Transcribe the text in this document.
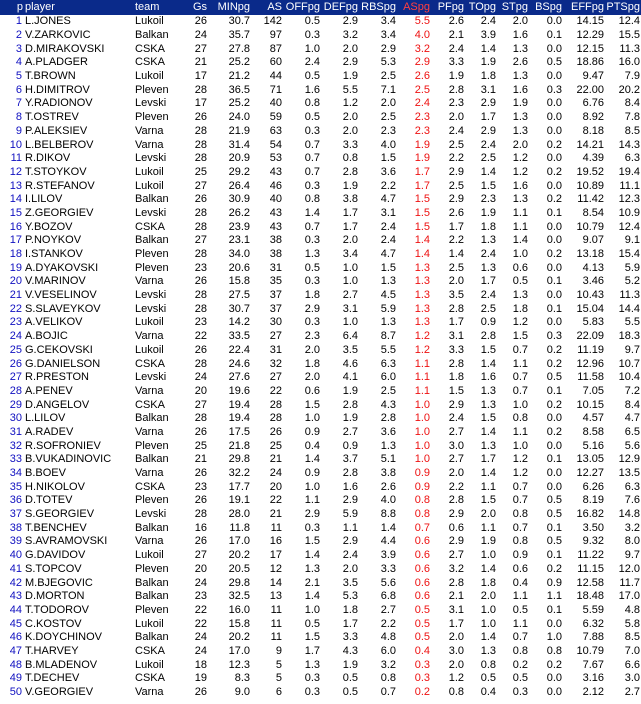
p	player	team	Gs	MINpg	AS	OFFpg	DEFpg	RBSpg	ASpg	PFpg	TOpg	STpg	BSpg	EFFpg	PTSpg
1	L.JONES	Lukoil	26	30.7	142	0.5	2.9	3.4	5.5	2.6	2.4	2.0	0.0	14.15	12.4
2	V.ZARKOVIC	Balkan	24	35.7	97	0.3	3.2	3.4	4.0	2.1	3.9	1.6	0.1	12.29	15.5
3	D.MIRAKOVSKI	CSKA	27	27.8	87	1.0	2.0	2.9	3.2	2.4	1.4	1.3	0.0	12.15	11.3
4	A.PLADGER	CSKA	21	25.2	60	2.4	2.9	5.3	2.9	3.3	1.9	2.6	0.5	18.86	16.0
5	T.BROWN	Lukoil	17	21.2	44	0.5	1.9	2.5	2.6	1.9	1.8	1.3	0.0	9.47	7.9
6	H.DIMITROV	Pleven	28	36.5	71	1.6	5.5	7.1	2.5	2.8	3.1	1.6	0.3	22.00	20.2
7	Y.RADIONOV	Levski	17	25.2	40	0.8	1.2	2.0	2.4	2.3	2.9	1.9	0.0	6.76	8.4
8	T.OSTREV	Pleven	26	24.0	59	0.5	2.0	2.5	2.3	2.0	1.7	1.3	0.0	8.92	7.8
9	P.ALEKSIEV	Varna	28	21.9	63	0.3	2.0	2.3	2.3	2.4	2.9	1.3	0.0	8.18	8.5
10	L.BELBEROV	Varna	28	31.4	54	0.7	3.3	4.0	1.9	2.5	2.4	2.0	0.2	14.21	14.3
11	R.DIKOV	Levski	28	20.9	53	0.7	0.8	1.5	1.9	2.2	2.5	1.2	0.0	4.39	6.3
12	T.STOYKOV	Lukoil	25	29.2	43	0.7	2.8	3.6	1.7	2.9	1.4	1.2	0.2	19.52	19.4
13	R.STEFANOV	Lukoil	27	26.4	46	0.3	1.9	2.2	1.7	2.5	1.5	1.6	0.0	10.89	11.1
14	I.LILOV	Balkan	26	30.9	40	0.8	3.8	4.7	1.5	2.9	2.3	1.3	0.2	11.42	12.3
15	Z.GEORGIEV	Levski	28	26.2	43	1.4	1.7	3.1	1.5	2.6	1.9	1.1	0.1	8.54	10.9
16	Y.BOZOV	CSKA	28	23.9	43	0.7	1.7	2.4	1.5	1.7	1.8	1.1	0.0	10.79	12.4
17	P.NOYKOV	Balkan	27	23.1	38	0.3	2.0	2.4	1.4	2.2	1.3	1.4	0.0	9.07	9.1
18	I.STANKOV	Pleven	28	34.0	38	1.3	3.4	4.7	1.4	1.4	2.4	1.0	0.2	13.18	15.4
19	A.DYAKOVSKI	Pleven	23	20.6	31	0.5	1.0	1.5	1.3	2.5	1.3	0.6	0.0	4.13	5.9
20	V.MARINOV	Varna	26	15.8	35	0.3	1.0	1.3	1.3	2.0	1.7	0.5	0.1	3.46	5.2
21	V.VESELINOV	Levski	28	27.5	37	1.8	2.7	4.5	1.3	3.5	2.4	1.3	0.0	10.43	11.3
22	S.SLAVEYKOV	Levski	28	30.7	37	2.9	3.1	5.9	1.3	2.8	2.5	1.8	0.1	15.04	14.4
23	A.VELIKOV	Lukoil	23	14.2	30	0.3	1.0	1.3	1.3	1.7	0.9	1.2	0.0	5.83	5.5
24	A.BOJIC	Varna	22	33.5	27	2.3	6.4	8.7	1.2	3.1	2.8	1.5	0.3	22.09	18.3
25	G.CEKOVSKI	Lukoil	26	22.4	31	2.0	3.5	5.5	1.2	3.3	1.5	0.7	0.2	11.19	9.7
26	G.DANIELSON	CSKA	28	24.6	32	1.8	4.6	6.3	1.1	2.8	1.4	1.1	0.2	12.96	10.7
27	R.PRESTON	Levski	24	27.6	27	2.0	4.1	6.0	1.1	1.8	1.6	0.7	0.5	11.58	10.4
28	A.PENEV	Varna	20	19.6	22	0.6	1.9	2.5	1.1	1.5	1.3	0.7	0.1	7.05	7.2
29	D.ANGELOV	CSKA	27	19.4	28	1.5	2.8	4.3	1.0	2.9	1.3	1.0	0.2	10.15	8.4
30	L.LILOV	Balkan	28	19.4	28	1.0	1.9	2.8	1.0	2.4	1.5	0.8	0.0	4.57	4.7
31	A.RADEV	Varna	26	17.5	26	0.9	2.7	3.6	1.0	2.7	1.4	1.1	0.2	8.58	6.5
32	R.SOFRONIEV	Pleven	25	21.8	25	0.4	0.9	1.3	1.0	3.0	1.3	1.0	0.0	5.16	5.6
33	B.VUKADINOVIC	Balkan	21	29.8	21	1.4	3.7	5.1	1.0	2.7	1.7	1.2	0.1	13.05	12.9
34	B.BOEV	Varna	26	32.2	24	0.9	2.8	3.8	0.9	2.0	1.4	1.2	0.0	12.27	13.5
35	H.NIKOLOV	CSKA	23	17.7	20	1.0	1.6	2.6	0.9	2.2	1.1	0.7	0.0	6.26	6.3
36	D.TOTEV	Pleven	26	19.1	22	1.1	2.9	4.0	0.8	2.8	1.5	0.7	0.5	8.19	7.6
37	S.GEORGIEV	Levski	28	28.0	21	2.9	5.9	8.8	0.8	2.9	2.0	0.8	0.5	16.82	14.8
38	T.BENCHEV	Balkan	16	11.8	11	0.3	1.1	1.4	0.7	0.6	1.1	0.7	0.1	3.50	3.2
39	S.AVRAMOVSKI	Varna	26	17.0	16	1.5	2.9	4.4	0.6	2.9	1.9	0.8	0.5	9.32	8.0
40	G.DAVIDOV	Lukoil	27	20.2	17	1.4	2.4	3.9	0.6	2.7	1.0	0.9	0.1	11.22	9.7
41	S.TOPCOV	Pleven	20	20.5	12	1.3	2.0	3.3	0.6	3.2	1.4	0.6	0.2	11.15	12.0
42	M.BJEGOVIC	Balkan	24	29.8	14	2.1	3.5	5.6	0.6	2.8	1.8	0.4	0.9	12.58	11.7
43	D.MORTON	Balkan	23	32.5	13	1.4	5.3	6.8	0.6	2.1	2.0	1.1	1.1	18.48	17.0
44	T.TODOROV	Pleven	22	16.0	11	1.0	1.8	2.7	0.5	3.1	1.0	0.5	0.1	5.59	4.8
45	C.KOSTOV	Lukoil	22	15.8	11	0.5	1.7	2.2	0.5	1.7	1.0	1.1	0.0	6.32	5.8
46	K.DOYCHINOV	Balkan	24	20.2	11	1.5	3.3	4.8	0.5	2.0	1.4	0.7	1.0	7.88	8.5
47	T.HARVEY	CSKA	24	17.0	9	1.7	4.3	6.0	0.4	3.0	1.3	0.8	0.8	10.79	7.0
48	B.MLADENOV	Lukoil	18	12.3	5	1.3	1.9	3.2	0.3	2.0	0.8	0.2	0.2	7.67	6.6
49	T.DECHEV	CSKA	19	8.3	5	0.3	0.5	0.8	0.3	1.2	0.5	0.5	0.0	3.16	3.0
50	V.GEORGIEV	Varna	26	9.0	6	0.3	0.5	0.7	0.2	0.8	0.4	0.3	0.0	2.12	2.7
